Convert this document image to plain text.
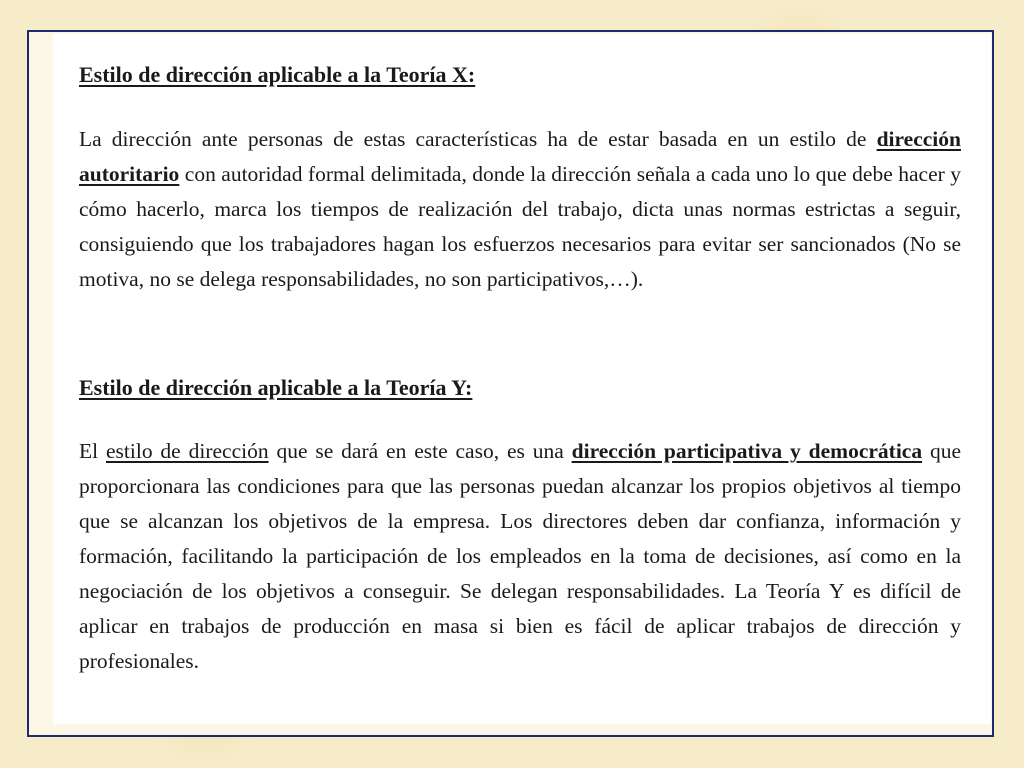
Estilo de dirección aplicable a la Teoría X:

La dirección ante personas de estas características ha de estar basada en un estilo de dirección autoritario con autoridad formal delimitada, donde la dirección señala a cada uno lo que debe hacer y cómo hacerlo, marca los tiempos de realización del trabajo, dicta unas normas estrictas a seguir, consiguiendo que los trabajadores hagan los esfuerzos necesarios para evitar ser sancionados (No se motiva, no se delega responsabilidades, no son participativos,…).

Estilo de dirección aplicable a la Teoría Y:

El estilo de dirección que se dará en este caso, es una dirección participativa y democrática que proporcionara las condiciones para que las personas puedan alcanzar los propios objetivos al tiempo que se alcanzan los objetivos de la empresa. Los directores deben dar confianza, información y formación, facilitando la participación de los empleados en la toma de decisiones, así como en la negociación de los objetivos a conseguir. Se delegan responsabilidades. La Teoría Y es difícil de aplicar en trabajos de producción en masa si bien es fácil de aplicar trabajos de dirección y profesionales.
